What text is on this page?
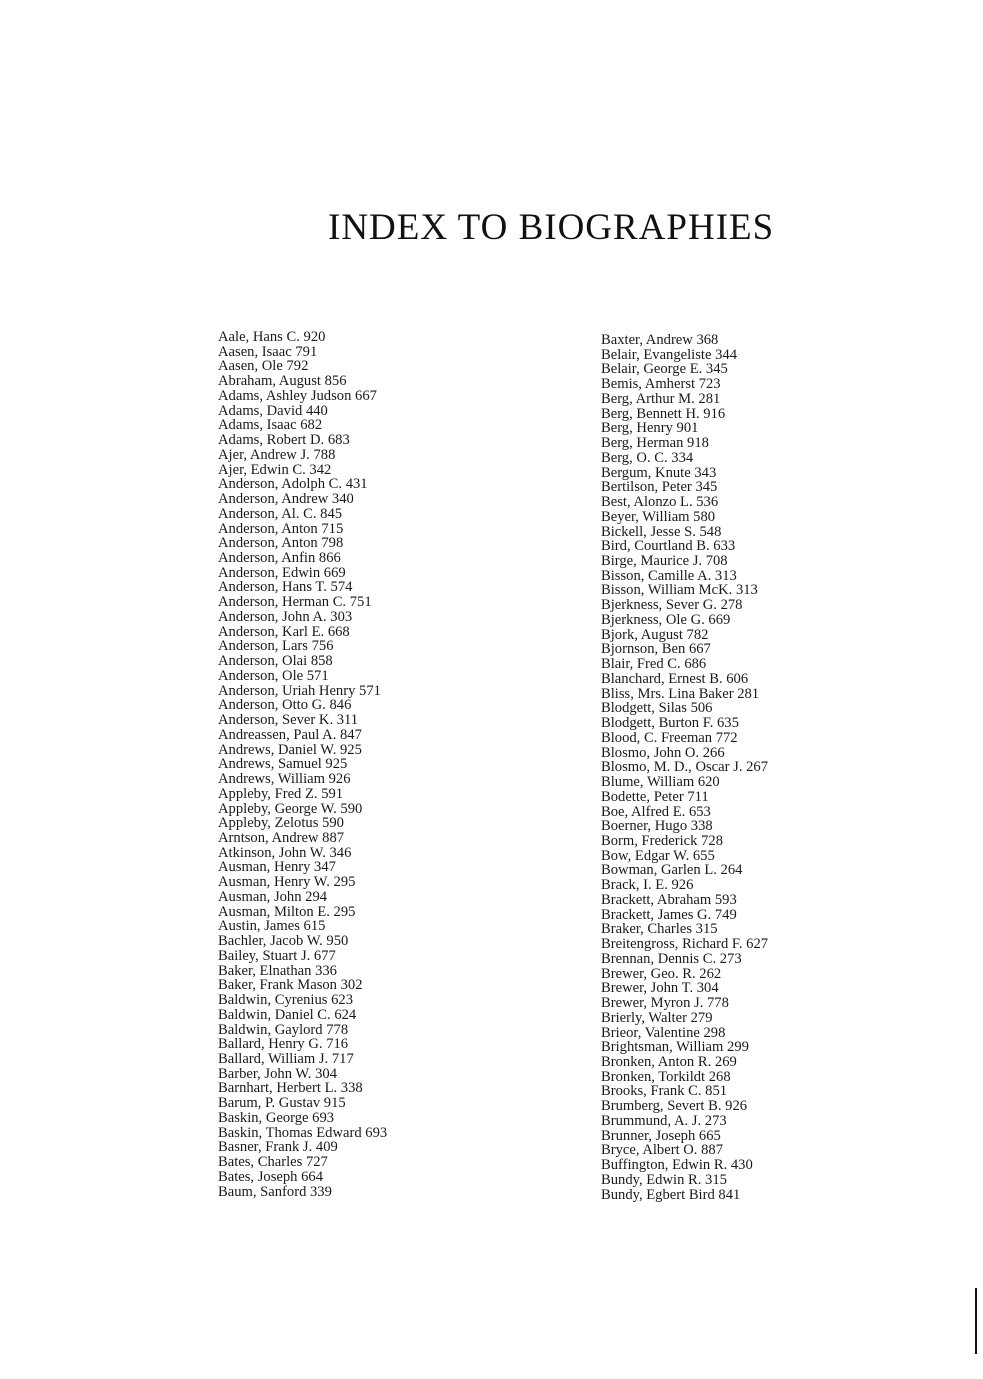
INDEX TO BIOGRAPHIES
Aale, Hans C. 920
Aasen, Isaac 791
Aasen, Ole 792
Abraham, August 856
Adams, Ashley Judson 667
Adams, David 440
Adams, Isaac 682
Adams, Robert D. 683
Ajer, Andrew J. 788
Ajer, Edwin C. 342
Anderson, Adolph C. 431
Anderson, Andrew 340
Anderson, Al. C. 845
Anderson, Anton 715
Anderson, Anton 798
Anderson, Anfin 866
Anderson, Edwin 669
Anderson, Hans T. 574
Anderson, Herman C. 751
Anderson, John A. 303
Anderson, Karl E. 668
Anderson, Lars 756
Anderson, Olai 858
Anderson, Ole 571
Anderson, Uriah Henry 571
Anderson, Otto G. 846
Anderson, Sever K. 311
Andreassen, Paul A. 847
Andrews, Daniel W. 925
Andrews, Samuel 925
Andrews, William 926
Appleby, Fred Z. 591
Appleby, George W. 590
Appleby, Zelotus 590
Arntson, Andrew 887
Atkinson, John W. 346
Ausman, Henry 347
Ausman, Henry W. 295
Ausman, John 294
Ausman, Milton E. 295
Austin, James 615
Bachler, Jacob W. 950
Bailey, Stuart J. 677
Baker, Elnathan 336
Baker, Frank Mason 302
Baldwin, Cyrenius 623
Baldwin, Daniel C. 624
Baldwin, Gaylord 778
Ballard, Henry G. 716
Ballard, William J. 717
Barber, John W. 304
Barnhart, Herbert L. 338
Barum, P. Gustav 915
Baskin, George 693
Baskin, Thomas Edward 693
Basner, Frank J. 409
Bates, Charles 727
Bates, Joseph 664
Baum, Sanford 339
Baxter, Andrew 368
Belair, Evangeliste 344
Belair, George E. 345
Bemis, Amherst 723
Berg, Arthur M. 281
Berg, Bennett H. 916
Berg, Henry 901
Berg, Herman 918
Berg, O. C. 334
Bergum, Knute 343
Bertilson, Peter 345
Best, Alonzo L. 536
Beyer, William 580
Bickell, Jesse S. 548
Bird, Courtland B. 633
Birge, Maurice J. 708
Bisson, Camille A. 313
Bisson, William McK. 313
Bjerkness, Sever G. 278
Bjerkness, Ole G. 669
Bjork, August 782
Bjornson, Ben 667
Blair, Fred C. 686
Blanchard, Ernest B. 606
Bliss, Mrs. Lina Baker 281
Blodgett, Silas 506
Blodgett, Burton F. 635
Blood, C. Freeman 772
Blosmo, John O. 266
Blosmo, M. D., Oscar J. 267
Blume, William 620
Bodette, Peter 711
Boe, Alfred E. 653
Boerner, Hugo 338
Borm, Frederick 728
Bow, Edgar W. 655
Bowman, Garlen L. 264
Brack, I. E. 926
Brackett, Abraham 593
Brackett, James G. 749
Braker, Charles 315
Breitengross, Richard F. 627
Brennan, Dennis C. 273
Brewer, Geo. R. 262
Brewer, John T. 304
Brewer, Myron J. 778
Brierly, Walter 279
Brieor, Valentine 298
Brightsman, William 299
Bronken, Anton R. 269
Bronken, Torkildt 268
Brooks, Frank C. 851
Brumberg, Severt B. 926
Brummund, A. J. 273
Brunner, Joseph 665
Bryce, Albert O. 887
Buffington, Edwin R. 430
Bundy, Edwin R. 315
Bundy, Egbert Bird 841
